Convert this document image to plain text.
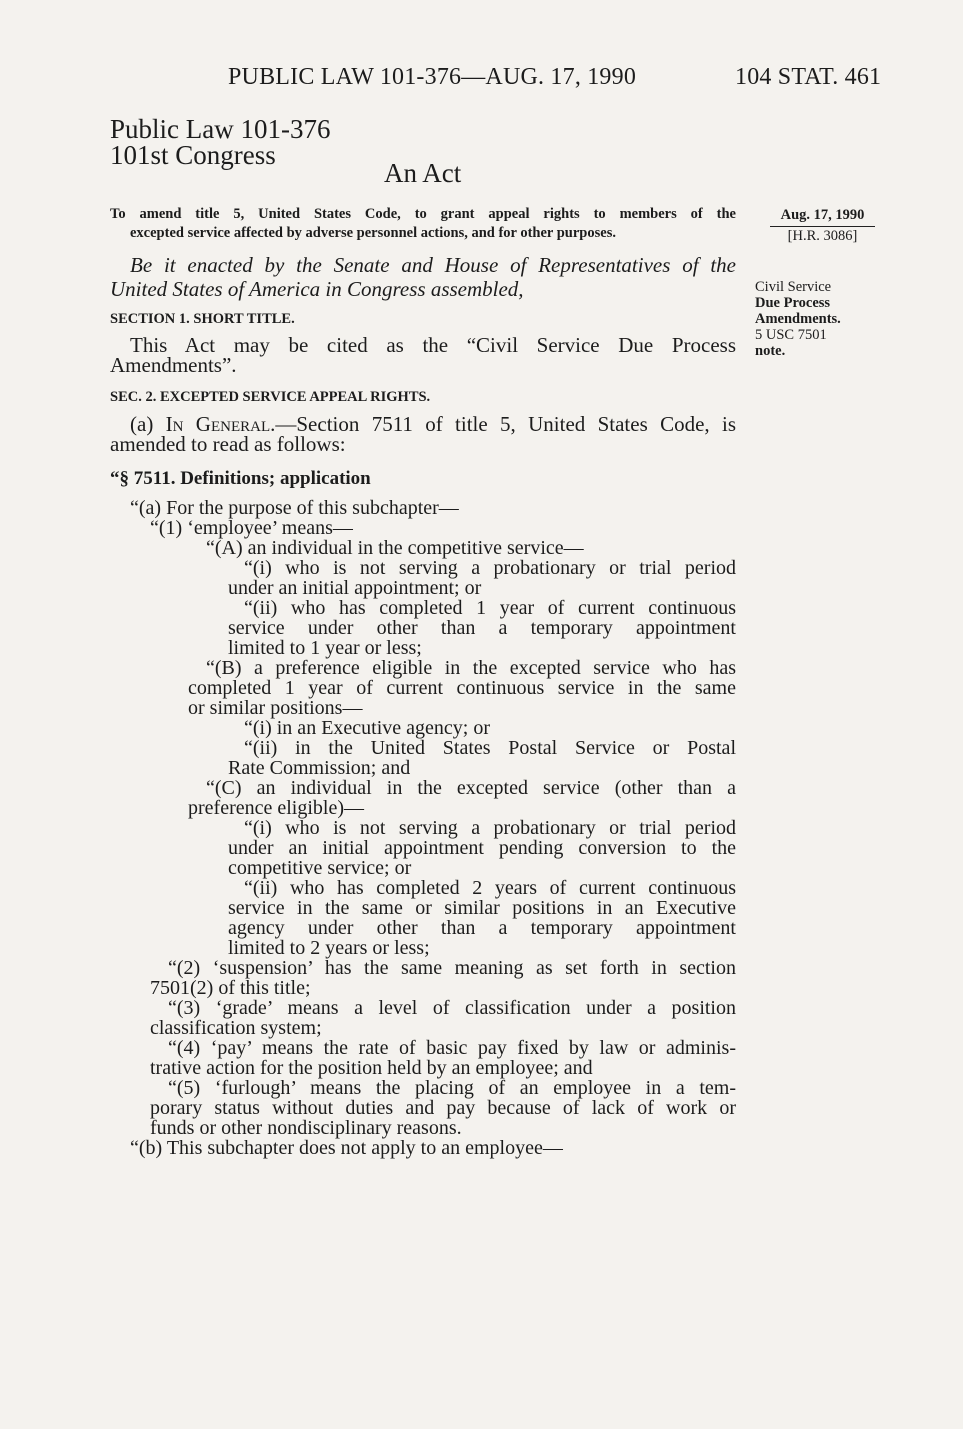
PUBLIC LAW 101-376—AUG. 17, 1990	104 STAT. 461
Public Law 101-376
101st Congress
An Act
To amend title 5, United States Code, to grant appeal rights to members of the
excepted service affected by adverse personnel actions, and for other purposes.
Aug. 17, 1990
[H.R. 3086]
Civil Service
Due Process
Amendments.
5 USC 7501
note.
Be it enacted by the Senate and House of Representatives of the
United States of America in Congress assembled,
SECTION 1. SHORT TITLE.
This Act may be cited as the “Civil Service Due Process
Amendments”.
SEC. 2. EXCEPTED SERVICE APPEAL RIGHTS.
(a) In General.—Section 7511 of title 5, United States Code, is
amended to read as follows:
“§ 7511. Definitions; application
“(a) For the purpose of this subchapter—
“(1) ‘employee’ means—
“(A) an individual in the competitive service—
“(i) who is not serving a probationary or trial period
under an initial appointment; or
“(ii) who has completed 1 year of current continuous
service under other than a temporary appointment
limited to 1 year or less;
“(B) a preference eligible in the excepted service who has
completed 1 year of current continuous service in the same
or similar positions—
“(i) in an Executive agency; or
“(ii) in the United States Postal Service or Postal
Rate Commission; and
“(C) an individual in the excepted service (other than a
preference eligible)—
“(i) who is not serving a probationary or trial period
under an initial appointment pending conversion to the
competitive service; or
“(ii) who has completed 2 years of current continuous
service in the same or similar positions in an Executive
agency under other than a temporary appointment
limited to 2 years or less;
“(2) ‘suspension’ has the same meaning as set forth in section
7501(2) of this title;
“(3) ‘grade’ means a level of classification under a position
classification system;
“(4) ‘pay’ means the rate of basic pay fixed by law or adminis-
trative action for the position held by an employee; and
“(5) ‘furlough’ means the placing of an employee in a tem-
porary status without duties and pay because of lack of work or
funds or other nondisciplinary reasons.
“(b) This subchapter does not apply to an employee—
